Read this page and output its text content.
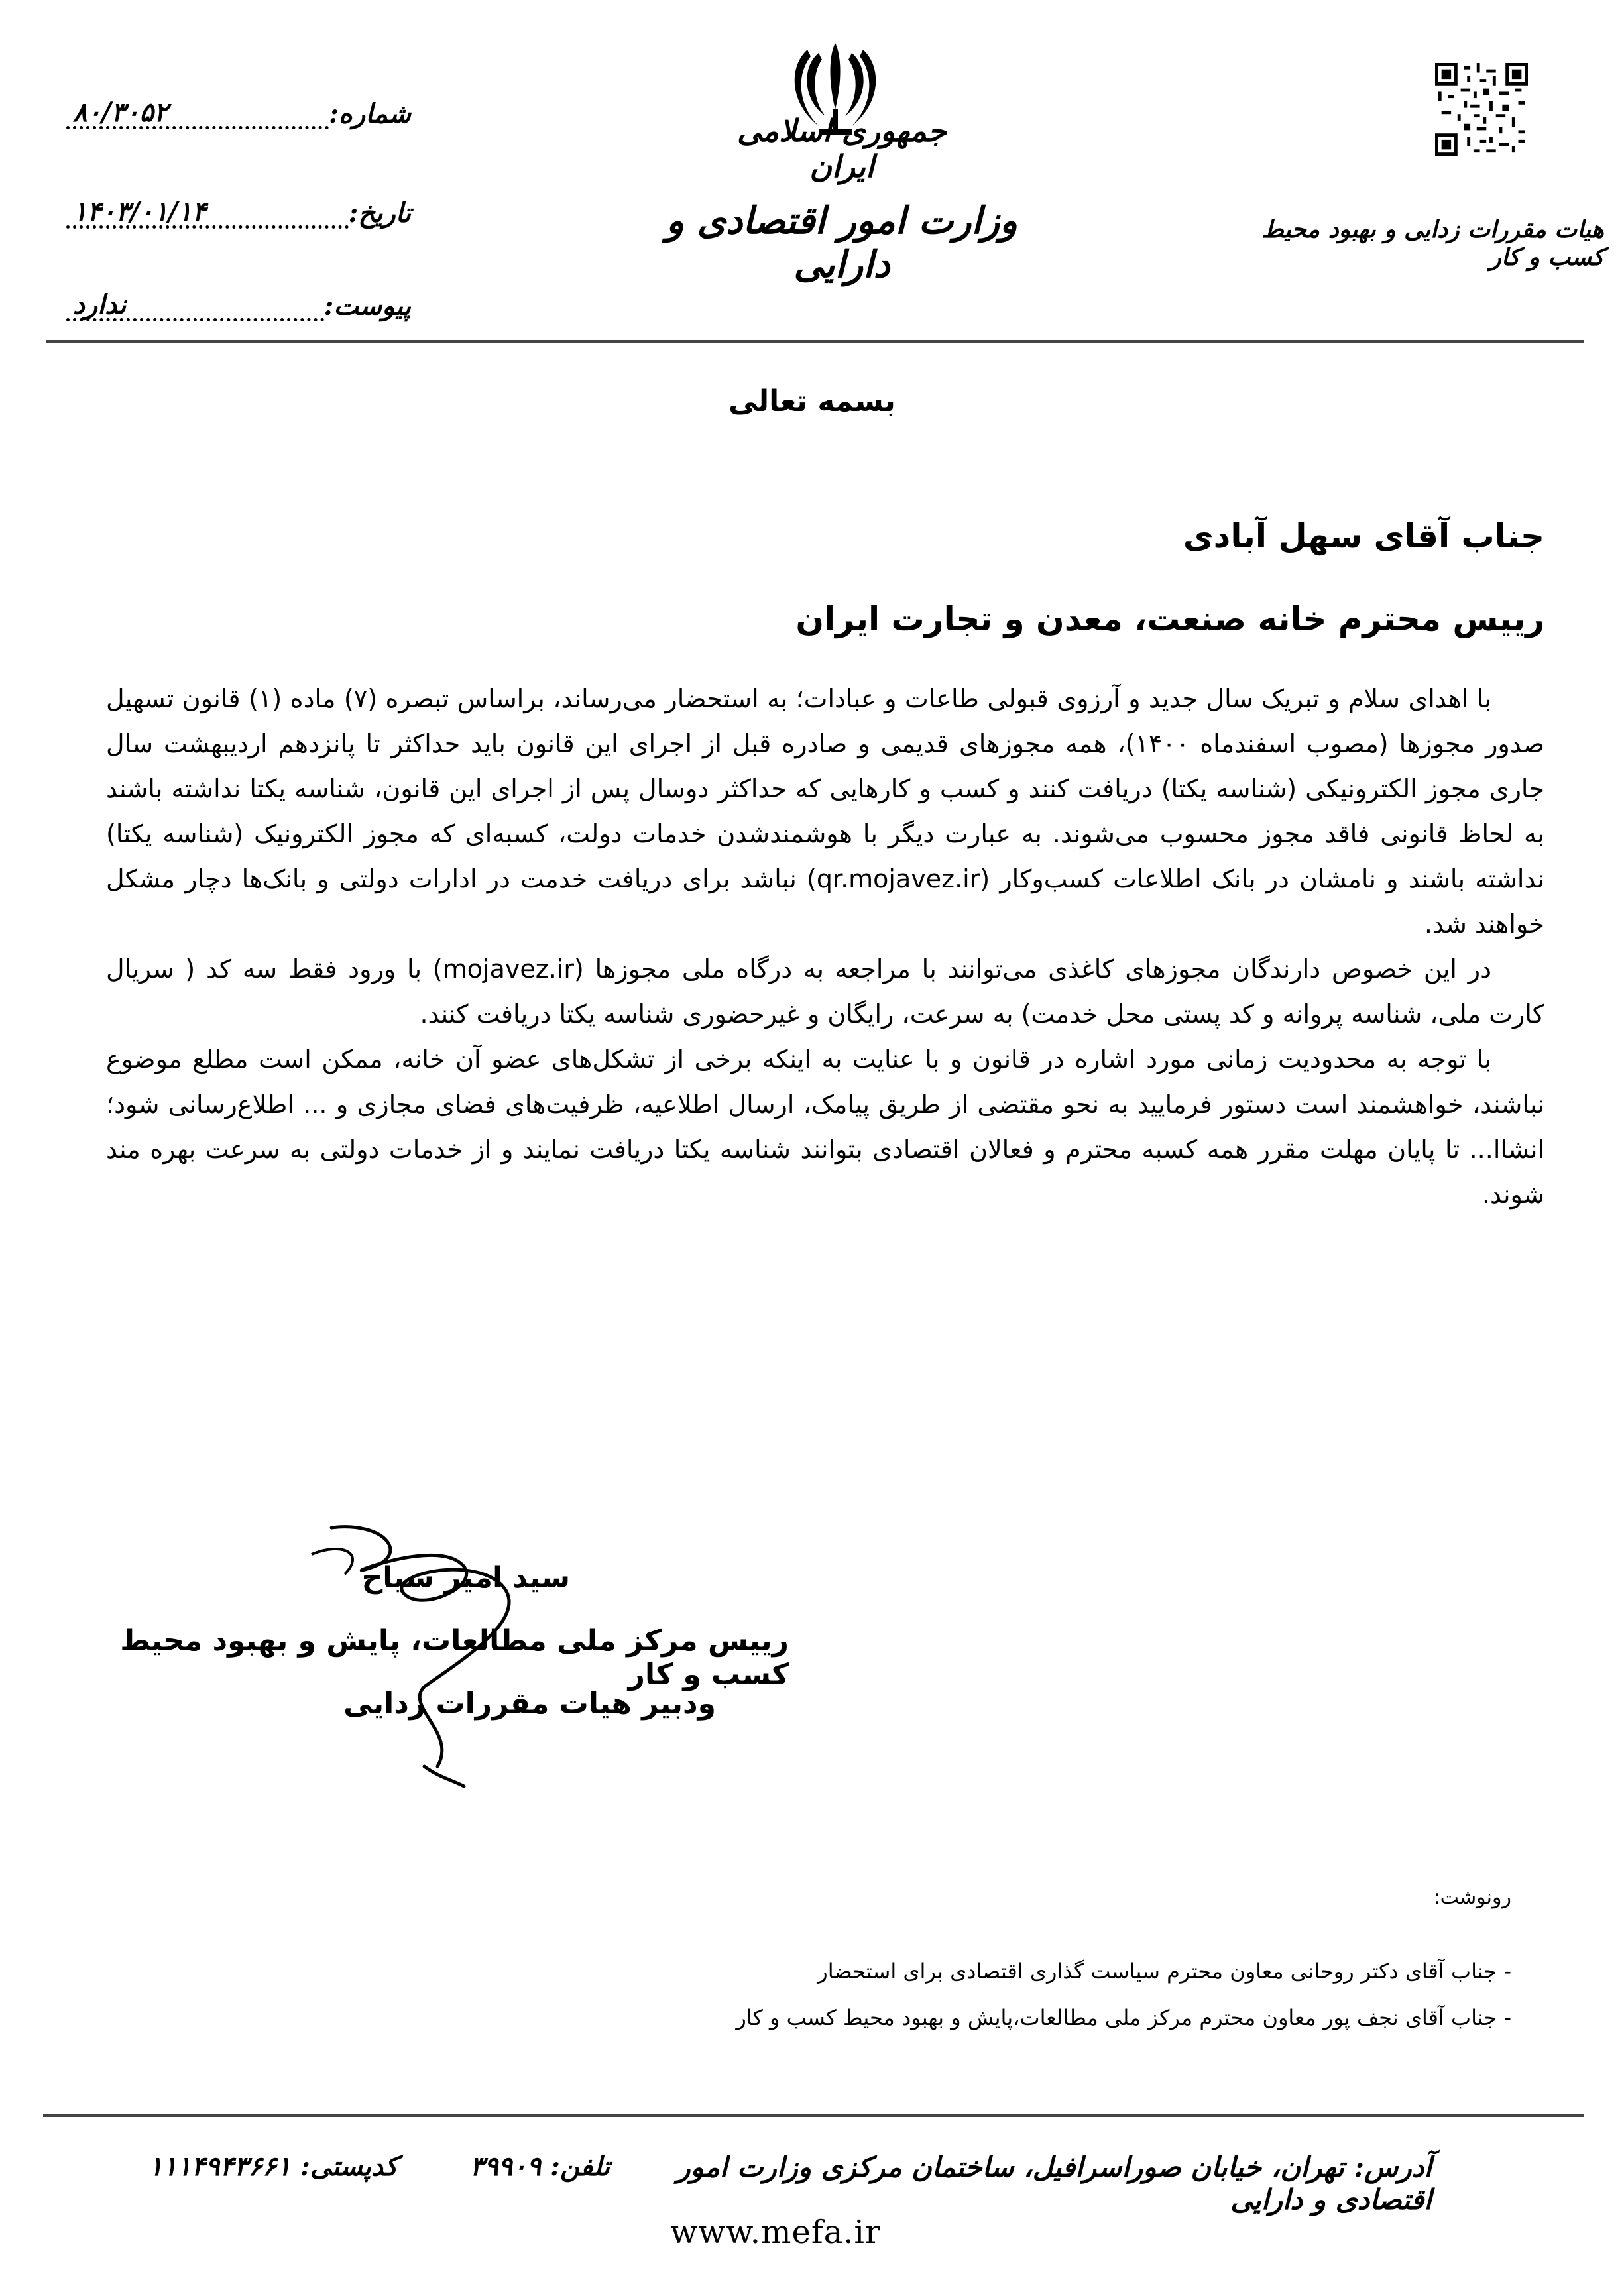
جمهوری اسلامی ایران
وزارت امور اقتصادی و دارایی
هیات مقررات زدایی و بهبود محیط کسب و کار
شماره:
۸۰/۳۰۵۲
تاریخ:
۱۴۰۳/۰۱/۱۴
پیوست:
ندارد
بسمه تعالی
جناب آقای سهل آبادی
رییس محترم خانه صنعت، معدن و تجارت ایران

با اهدای سلام و تبریک سال جدید و آرزوی قبولی طاعات و عبادات؛ به استحضار می‌رساند، براساس تبصره (۷) ماده (۱) قانون تسهیل صدور مجوزها (مصوب اسفندماه ۱۴۰۰)، همه مجوزهای قدیمی و صادره قبل از اجرای این قانون باید حداکثر تا پانزدهم اردیبهشت سال جاری مجوز الکترونیکی (شناسه یکتا) دریافت کنند و کسب و کارهایی که حداکثر دوسال پس از اجرای این قانون، شناسه یکتا نداشته باشند به لحاظ قانونی فاقد مجوز محسوب می‌شوند. به عبارت دیگر با هوشمندشدن خدمات دولت، کسبه‌ای که مجوز الکترونیک (شناسه یکتا) نداشته باشند و نامشان در بانک اطلاعات کسب‌وکار (qr.mojavez.ir) نباشد برای دریافت خدمت در ادارات دولتی و بانک‌ها دچار مشکل خواهند شد.

در این خصوص دارندگان مجوزهای کاغذی می‌توانند با مراجعه به درگاه ملی مجوزها (mojavez.ir) با ورود فقط سه کد ( سریال کارت ملی، شناسه پروانه و کد پستی محل خدمت) به سرعت، رایگان و غیرحضوری شناسه یکتا دریافت کنند.

با توجه به محدودیت زمانی مورد اشاره در قانون و با عنایت به اینکه برخی از تشکل‌های عضو آن خانه، ممکن است مطلع موضوع نباشند، خواهشمند است دستور فرمایید به نحو مقتضی از طریق پیامک، ارسال اطلاعیه، ظرفیت‌های فضای مجازی و ... اطلاع‌رسانی شود؛ انشاا... تا پایان مهلت مقرر همه کسبه محترم و فعالان اقتصادی بتوانند شناسه یکتا دریافت نمایند و از خدمات دولتی به سرعت بهره مند شوند.

سید امیر سیاح
رییس مرکز ملی مطالعات، پایش و بهبود محیط کسب و کار
ودبیر هیات مقررات زدایی
رونوشت:
- جناب آقای دکتر روحانی معاون محترم سیاست گذاری اقتصادی برای استحضار
- جناب آقای نجف پور معاون محترم مرکز ملی مطالعات،پایش و بهبود محیط کسب و کار
آدرس: تهران، خیابان صوراسرافیل، ساختمان مرکزی وزارت امور اقتصادی و دارایی
تلفن: ۳۹۹۰۹
کدپستی: ۱۱۱۴۹۴۳۶۶۱
www.mefa.ir
